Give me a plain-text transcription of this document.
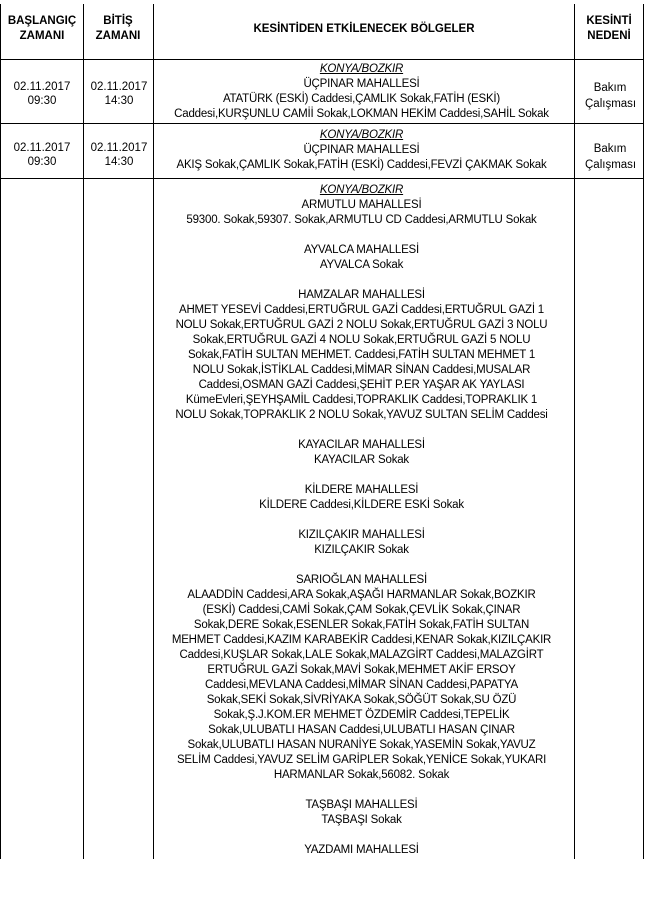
BAŞLANGIÇ ZAMANI
BİTİŞ ZAMANI
KESİNTİDEN ETKİLENECEK BÖLGELER
KESİNTİ NEDENİ
02.11.2017
09:30
02.11.2017
14:30
KONYA/BOZKIR
ÜÇPINAR MAHALLESİ
ATATÜRK (ESKİ) Caddesi,ÇAMLIK Sokak,FATİH (ESKİ)
Caddesi,KURŞUNLU CAMİİ Sokak,LOKMAN HEKİM Caddesi,SAHİL Sokak
Bakım Çalışması
02.11.2017
09:30
02.11.2017
14:30
KONYA/BOZKIR
ÜÇPINAR MAHALLESİ
AKIŞ Sokak,ÇAMLIK Sokak,FATİH (ESKİ) Caddesi,FEVZİ ÇAKMAK Sokak
Bakım Çalışması
KONYA/BOZKIR
ARMUTLU MAHALLESİ
59300. Sokak,59307. Sokak,ARMUTLU CD Caddesi,ARMUTLU Sokak
AYVALCA MAHALLESİ
AYVALCA Sokak
HAMZALAR MAHALLESİ
AHMET YESEVİ Caddesi,ERTUĞRUL GAZİ Caddesi,ERTUĞRUL GAZİ 1
NOLU Sokak,ERTUĞRUL GAZİ 2 NOLU Sokak,ERTUĞRUL GAZİ 3 NOLU
Sokak,ERTUĞRUL GAZİ 4 NOLU Sokak,ERTUĞRUL GAZİ 5 NOLU
Sokak,FATİH SULTAN MEHMET. Caddesi,FATİH SULTAN MEHMET 1
NOLU Sokak,İSTİKLAL Caddesi,MİMAR SİNAN Caddesi,MUSALAR
Caddesi,OSMAN GAZİ Caddesi,ŞEHİT P.ER YAŞAR AK YAYLASI
KümeEvleri,ŞEYHŞAMİL Caddesi,TOPRAKLIK Caddesi,TOPRAKLIK 1
NOLU Sokak,TOPRAKLIK 2 NOLU Sokak,YAVUZ SULTAN SELİM Caddesi
KAYACILAR MAHALLESİ
KAYACILAR Sokak
KİLDERE MAHALLESİ
KİLDERE Caddesi,KİLDERE ESKİ Sokak
KIZILÇAKIR MAHALLESİ
KIZILÇAKIR Sokak
SARIOĞLAN MAHALLESİ
ALAADDİN Caddesi,ARA Sokak,AŞAĞI HARMANLAR Sokak,BOZKIR
(ESKİ) Caddesi,CAMİ Sokak,ÇAM Sokak,ÇEVLİK Sokak,ÇINAR
Sokak,DERE Sokak,ESENLER Sokak,FATİH Sokak,FATİH SULTAN
MEHMET Caddesi,KAZIM KARABEKİR Caddesi,KENAR Sokak,KIZILÇAKIR
Caddesi,KUŞLAR Sokak,LALE Sokak,MALAZGİRT Caddesi,MALAZGİRT
ERTUĞRUL GAZİ Sokak,MAVİ Sokak,MEHMET AKİF ERSOY
Caddesi,MEVLANA Caddesi,MİMAR SİNAN Caddesi,PAPATYA
Sokak,SEKİ Sokak,SİVRİYAKA Sokak,SÖĞÜT Sokak,SU ÖZÜ
Sokak,Ş.J.KOM.ER MEHMET ÖZDEMİR Caddesi,TEPELİK
Sokak,ULUBATLI HASAN Caddesi,ULUBATLI HASAN ÇINAR
Sokak,ULUBATLI HASAN NURANİYE Sokak,YASEMİN Sokak,YAVUZ
SELİM Caddesi,YAVUZ SELİM GARİPLER Sokak,YENİCE Sokak,YUKARI
HARMANLAR Sokak,56082. Sokak
TAŞBAŞI MAHALLESİ
TAŞBAŞI Sokak
YAZDAMI MAHALLESİ
